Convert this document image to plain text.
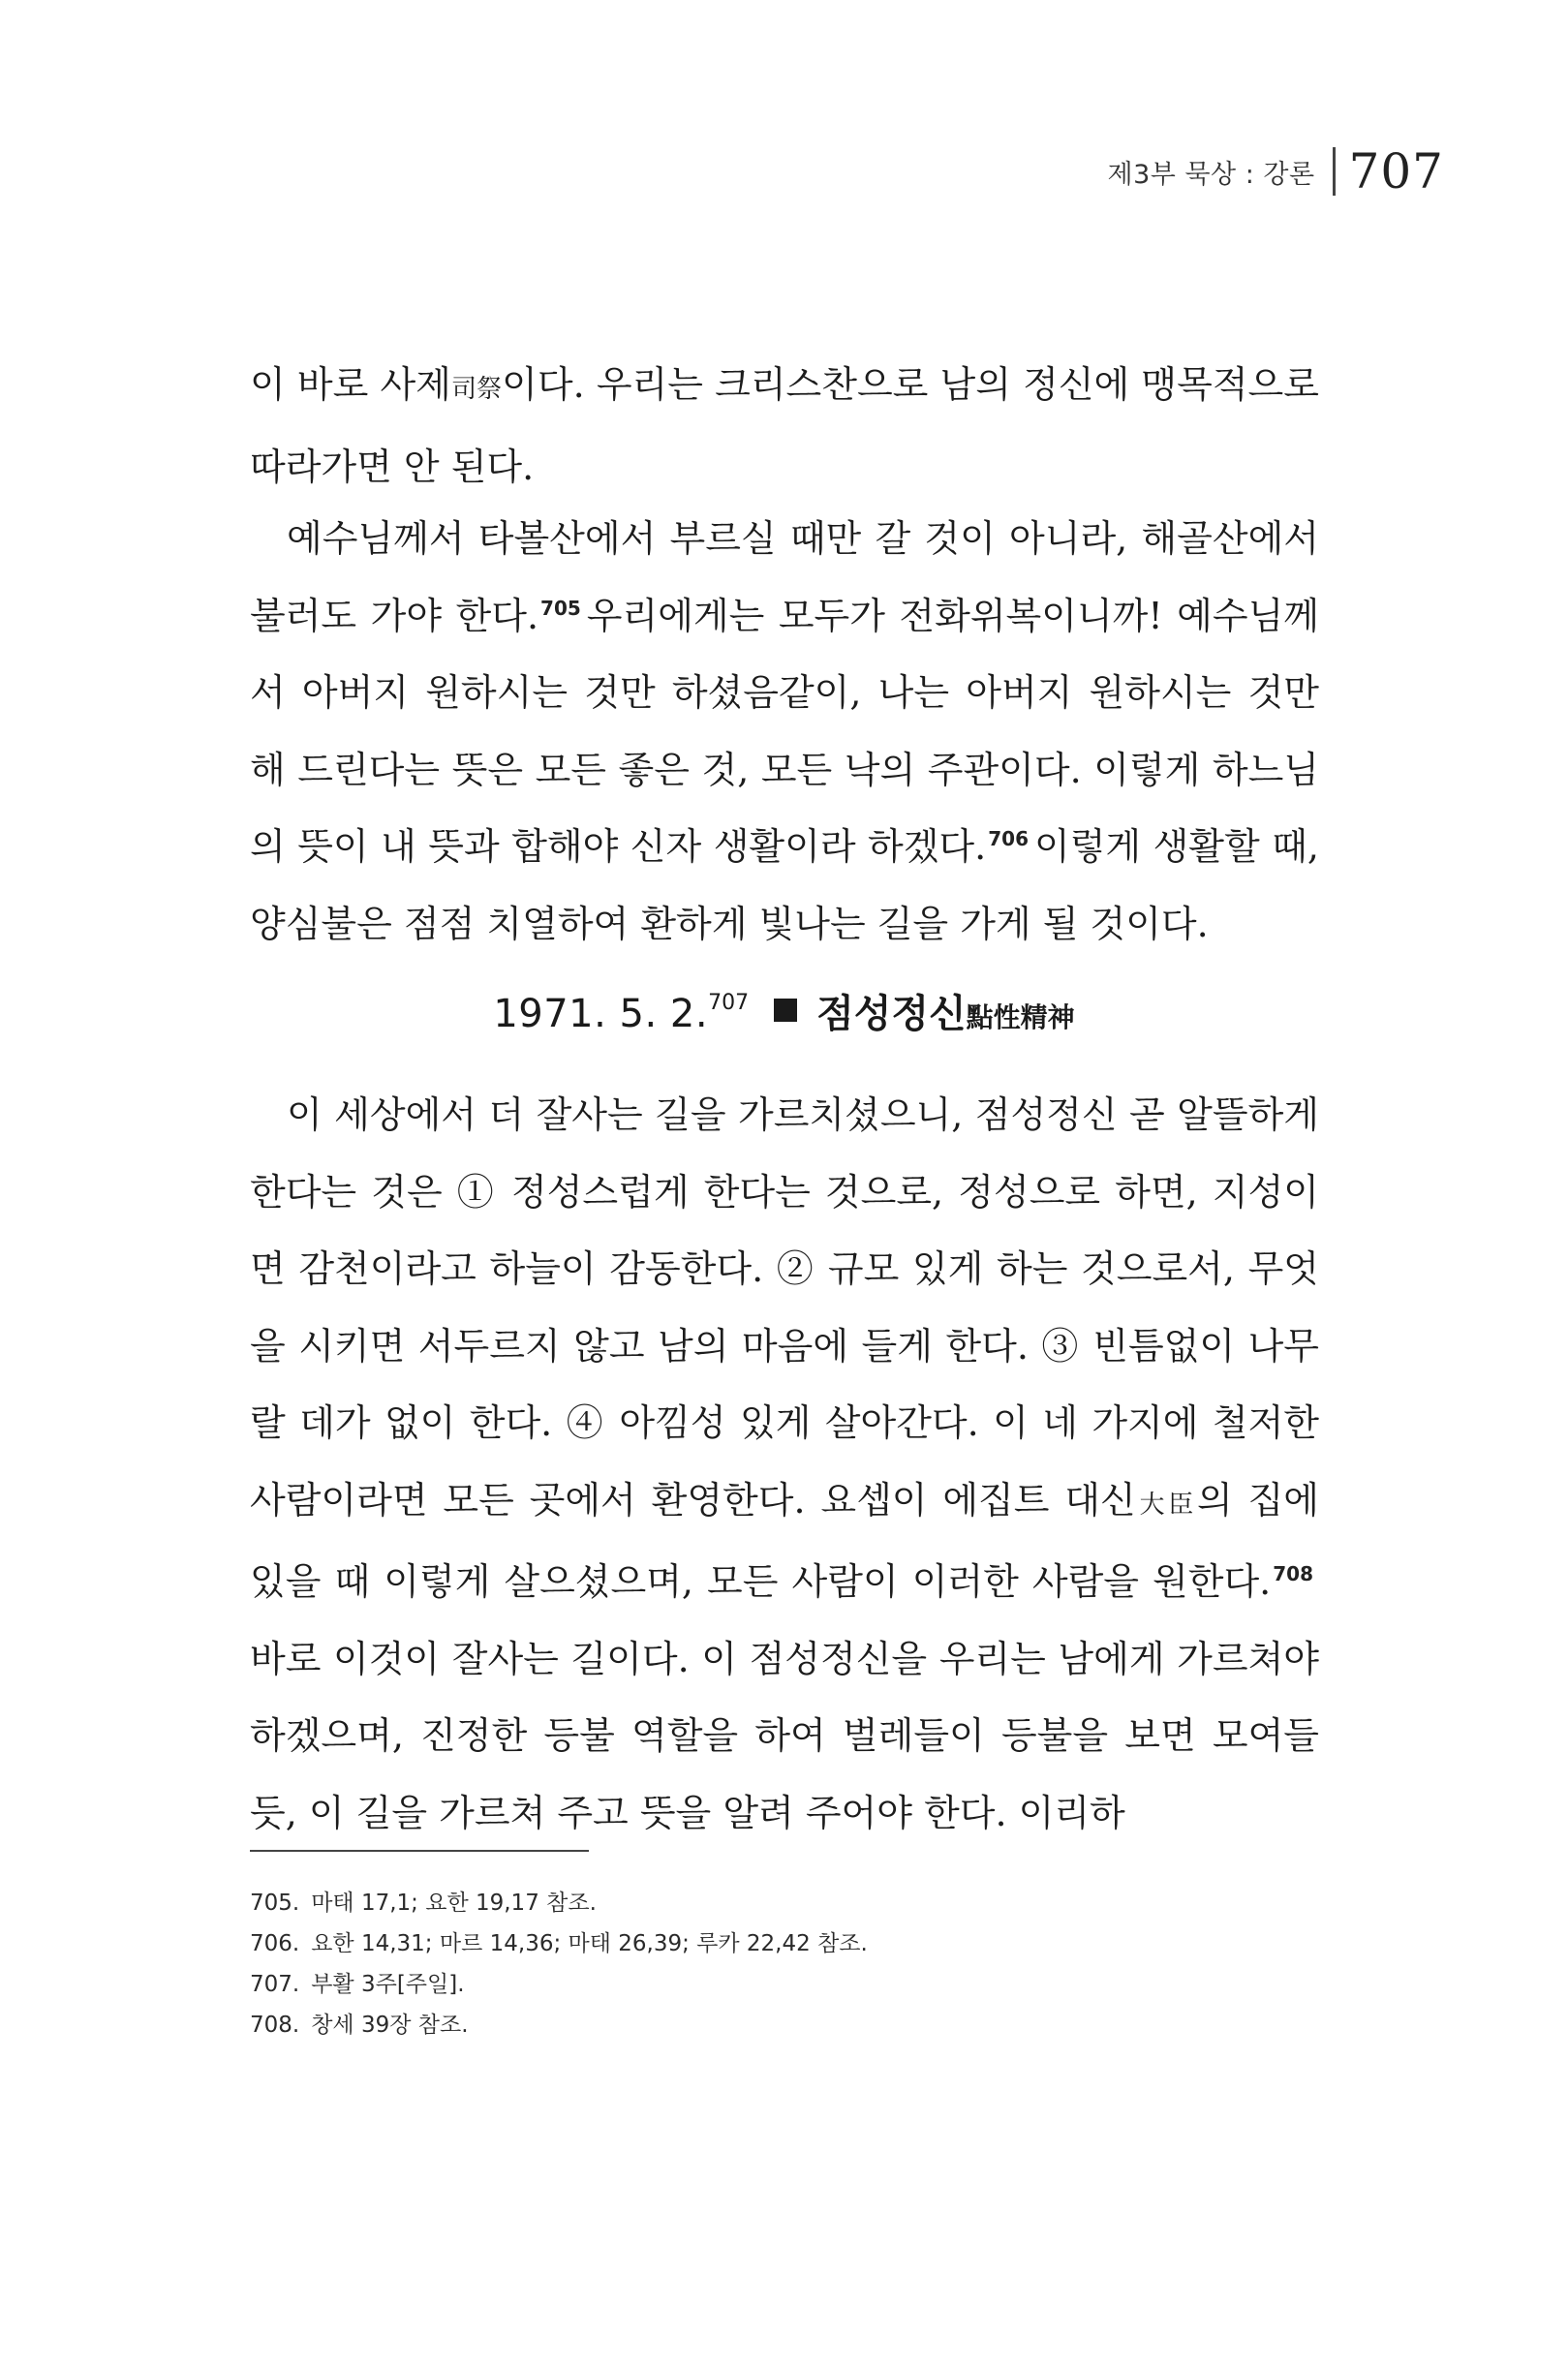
제3부 묵상 : 강론 707

이 바로 사제司祭이다. 우리는 크리스찬으로 남의 정신에 맹목적으로 따라가면 안 된다.

예수님께서 타볼산에서 부르실 때만 갈 것이 아니라, 해골산에서 불러도 가야 한다. $^{705}$ 우리에게는 모두가 전화위복이니까! 예수님께서 아버지 원하시는 것만 하셨음같이, 나는 아버지 원하시는 것만 해 드린다는 뜻은 모든 좋은 것, 모든 낙의 주관이다. 이렇게 하느님의 뜻이 내 뜻과 합해야 신자 생활이라 하겠다. $^{706}$ 이렇게 생활할 때, 양심불은 점점 치열하여 환하게 빛나는 길을 가게 될 것이다.

1971. 5. 2.$^{707}$ 점성정신點性精神

이 세상에서 더 잘사는 길을 가르치셨으니, 점성정신 곧 알뜰하게 한다는 것은 ① 정성스럽게 한다는 것으로, 정성으로 하면, 지성이면 감천이라고 하늘이 감동한다. ② 규모 있게 하는 것으로서, 무엇을 시키면 서두르지 않고 남의 마음에 들게 한다. ③ 빈틈없이 나무랄 데가 없이 한다. ④ 아낌성 있게 살아간다. 이 네 가지에 철저한 사람이라면 모든 곳에서 환영한다. 요셉이 에집트 대신大臣의 집에 있을 때 이렇게 살으셨으며, 모든 사람이 이러한 사람을 원한다. $^{708}$바로 이것이 잘사는 길이다. 이 점성정신을 우리는 남에게 가르쳐야 하겠으며, 진정한 등불 역할을 하여 벌레들이 등불을 보면 모여들 듯, 이 길을 가르쳐 주고 뜻을 알려 주어야 한다. 이리하

705. 마태 17,1; 요한 19,17 참조.
706. 요한 14,31; 마르 14,36; 마태 26,39; 루카 22,42 참조.
707. 부활 3주[주일].
708. 창세 39장 참조.
